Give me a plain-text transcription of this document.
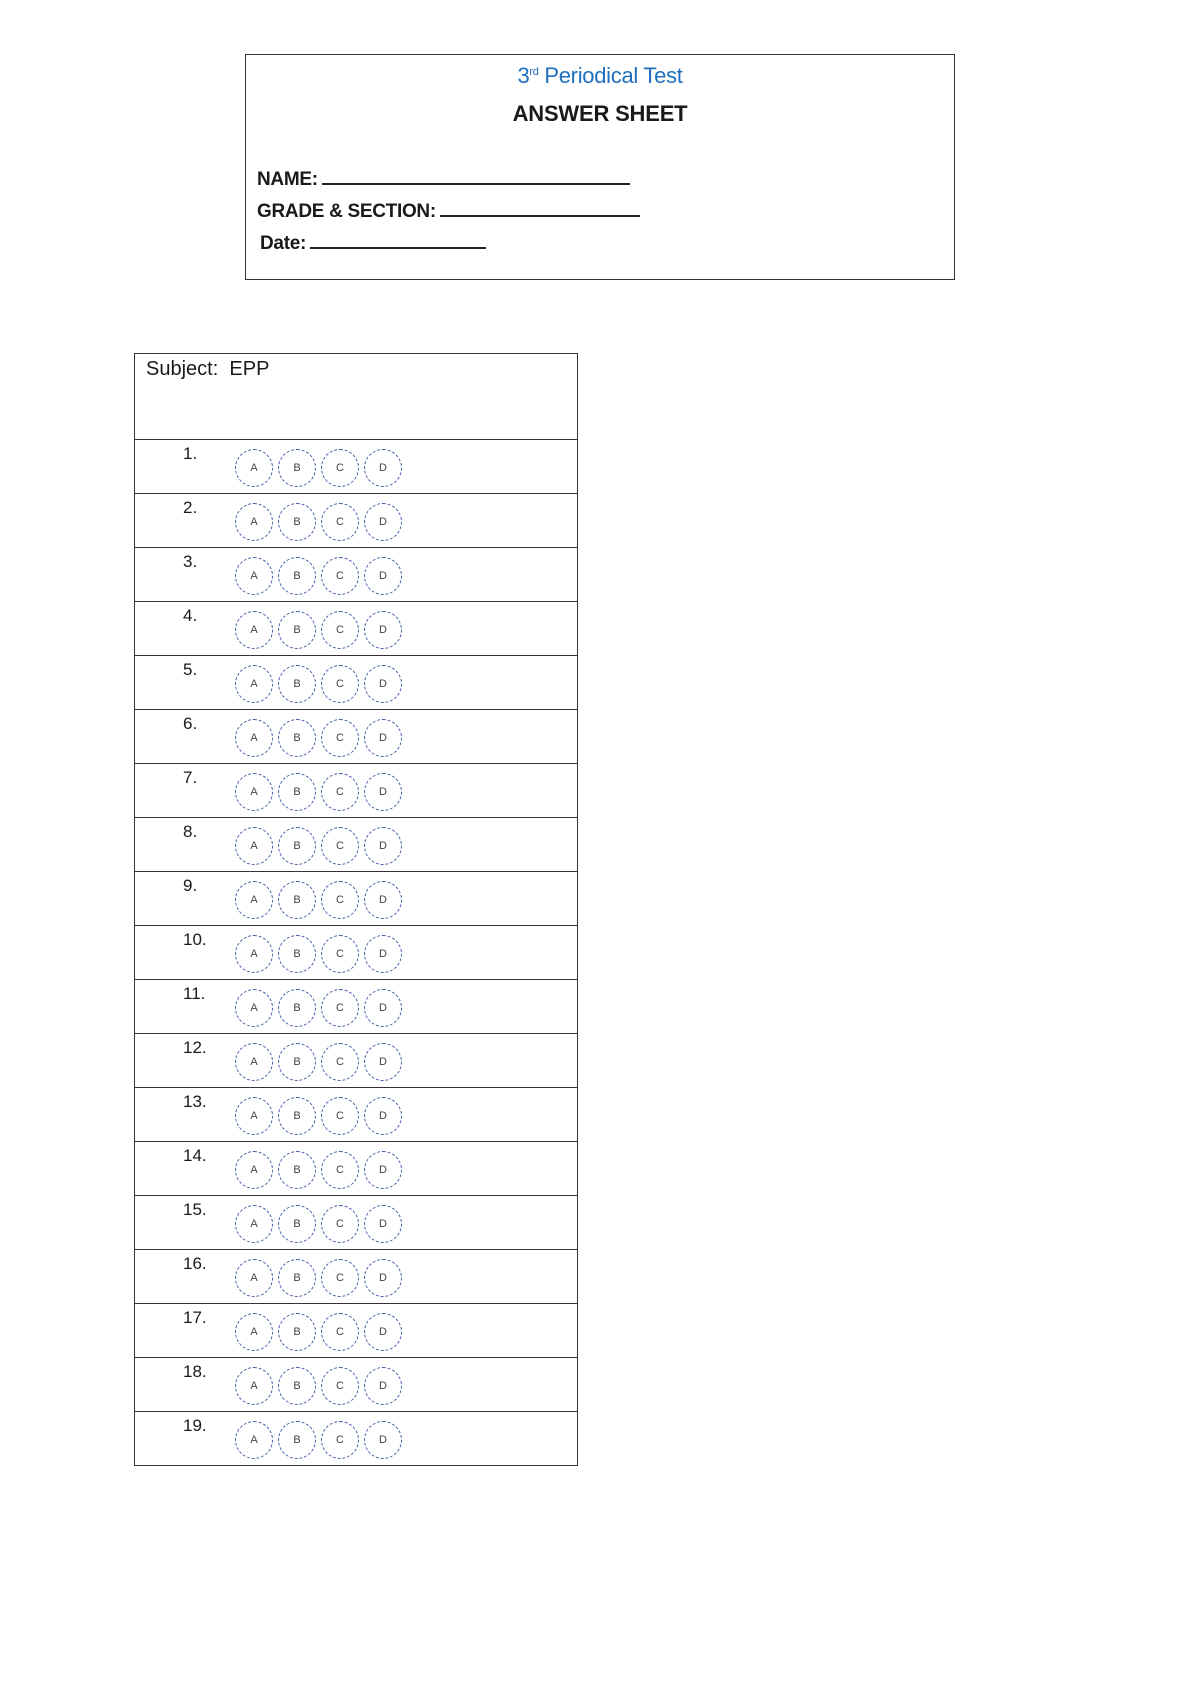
3rd Periodical Test
ANSWER SHEET
NAME:
GRADE & SECTION:
Date:
Subject: EPP

1.
A	B	C	D

2.
A	B	C	D

3.
A	B	C	D

4.
A	B	C	D

5.
A	B	C	D

6.
A	B	C	D

7.
A	B	C	D

8.
A	B	C	D

9.
A	B	C	D

10.
A	B	C	D

11.
A	B	C	D

12.
A	B	C	D

13.
A	B	C	D

14.
A	B	C	D

15.
A	B	C	D

16.
A	B	C	D

17.
A	B	C	D

18.
A	B	C	D

19.
A	B	C	D
